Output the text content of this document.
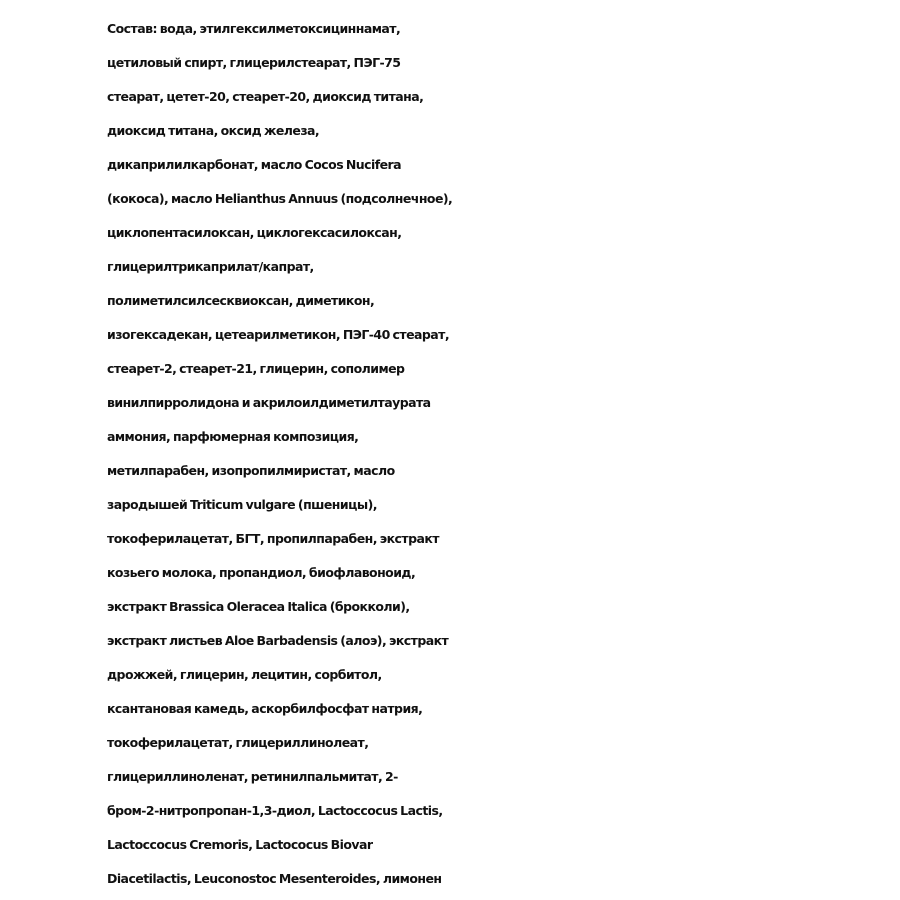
Состав: вода, этилгексилметоксициннамат,
цетиловый спирт, глицерилстеарат, ПЭГ-75
стеарат, цетет-20, стеарет-20, диоксид титана,
диоксид титана, оксид железа,
дикаприлилкарбонат, масло Cocos Nucifera
(кокоса), масло Helianthus Annuus (подсолнечное),
циклопентасилоксан, циклогексасилоксан,
глицерилтрикаприлат/капрат,
полиметилсилсесквиоксан, диметикон,
изогексадекан, цетеарилметикон, ПЭГ-40 стеарат,
стеарет-2, стеарет-21, глицерин, сополимер
винилпирролидона и акрилоилдиметилтаурата
аммония, парфюмерная композиция,
метилпарабен, изопропилмиристат, масло
зародышей Triticum vulgare (пшеницы),
токоферилацетат, БГТ, пропилпарабен, экстракт
козьего молока, пропандиол, биофлавоноид,
экстракт Brassica Oleracea Italica (брокколи),
экстракт листьев Aloe Barbadensis (алоэ), экстракт
дрожжей, глицерин, лецитин, сорбитол,
ксантановая камедь, аскорбилфосфат натрия,
токоферилацетат, глицериллинолеат,
глицериллиноленат, ретинилпальмитат, 2-
бром-2-нитропропан-1,3-диол, Lactoccocus Lactis,
Lactoccocus Cremoris, Lactococus Biovar
Diacetilactis, Leuconostoc Mesenteroides, лимонен
